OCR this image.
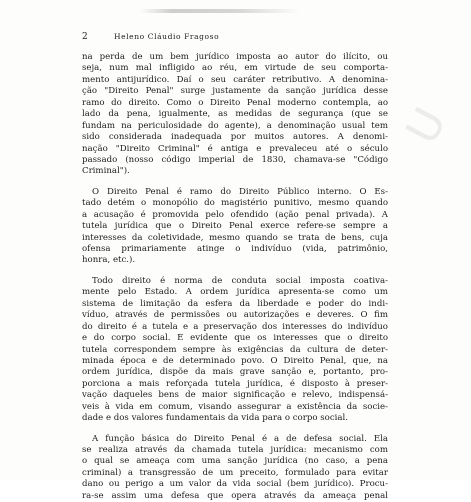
2	Heleno Cláudio Fragoso
na perda de um bem jurídico imposta ao autor do ilícito, ou
seja, num mal infligido ao réu, em virtude de seu comporta-
mento antijurídico. Daí o seu caráter retributivo. A denomina-
ção "Direito Penal" surge justamente da sanção jurídica desse
ramo do direito. Como o Direito Penal moderno contempla, ao
lado da pena, igualmente, as medidas de segurança (que se
fundam na periculosidade do agente), a denominação usual tem
sido considerada inadequada por muitos autores. A denomi-
nação "Direito Criminal" é antiga e prevaleceu até o século
passado (nosso código imperial de 1830, chamava-se "Código
Criminal").
O Direito Penal é ramo do Direito Público interno. O Es-
tado detém o monopólio do magistério punitivo, mesmo quando
a acusação é promovida pelo ofendido (ação penal privada). A
tutela jurídica que o Direito Penal exerce refere-se sempre a
interesses da coletividade, mesmo quando se trata de bens, cuja
ofensa primariamente atinge o indivíduo (vida, patrimônio,
honra, etc.).
Todo direito é norma de conduta social imposta coativa-
mente pelo Estado. A ordem jurídica apresenta-se como um
sistema de limitação da esfera da liberdade e poder do indi-
víduo, através de permissões ou autorizações e deveres. O fim
do direito é a tutela e a preservação dos interesses do indivíduo
e do corpo social. É evidente que os interesses que o direito
tutela correspondem sempre às exigências da cultura de deter-
minada época e de determinado povo. O Direito Penal, que, na
ordem jurídica, dispõe da mais grave sanção e, portanto, pro-
porciona a mais reforçada tutela jurídica, é disposto à preser-
vação daqueles bens de maior significação e relevo, indispensá-
veis à vida em comum, visando assegurar a existência da socie-
dade e dos valores fundamentais da vida para o corpo social.
A função básica do Direito Penal é a de defesa social. Ela
se realiza através da chamada tutela jurídica: mecanismo com
o qual se ameaça com uma sanção jurídica (no caso, a pena
criminal) a transgressão de um preceito, formulado para evitar
dano ou perigo a um valor da vida social (bem jurídico). Procu-
ra-se assim uma defesa que opera através da ameaça penal
U
